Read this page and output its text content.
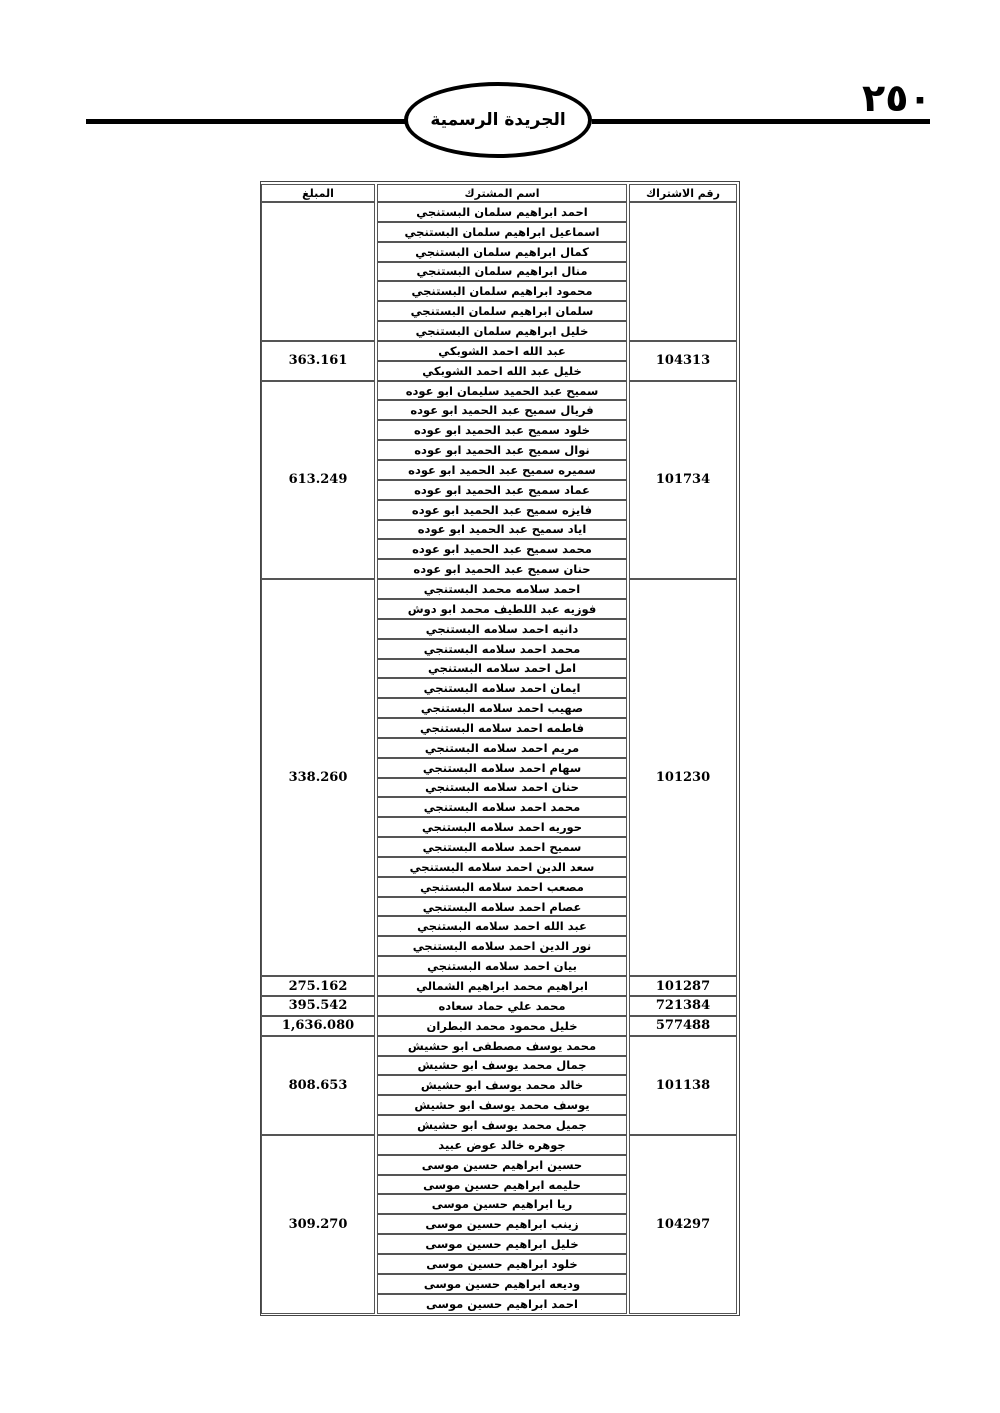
الجريدة الرسمية	٢٥٠
رقم الاشتراك
اسم المشترك
المبلغ
احمد ابراهيم سلمان البستنجي
اسماعيل ابراهيم سلمان البستنجي
كمال ابراهيم سلمان البستنجي
منال ابراهيم سلمان البستنجي
محمود ابراهيم سلمان البستنجي
سلمان ابراهيم سلمان البستنجي
خليل ابراهيم سلمان البستنجي
104313
عبد الله احمد الشوبكي
خليل عبد الله احمد الشوبكي
363.161
101734
سميح عبد الحميد سليمان ابو عوده
فريال سميح عبد الحميد ابو عوده
خلود سميح عبد الحميد ابو عوده
نوال سميح عبد الحميد ابو عوده
سميره سميح عبد الحميد ابو عوده
عماد سميح عبد الحميد ابو عوده
فايزه سميح عبد الحميد ابو عوده
اياد سميح عبد الحميد ابو عوده
محمد سميح عبد الحميد ابو عوده
حنان سميح عبد الحميد ابو عوده
613.249
101230
احمد سلامه محمد البستنجي
فوزيه عبد اللطيف محمد ابو دوش
دانيه احمد سلامه البستنجي
محمد احمد سلامه البستنجي
امل احمد سلامه البستنجي
ايمان احمد سلامه البستنجي
صهيب احمد سلامه البستنجي
فاطمه احمد سلامه البستنجي
مريم احمد سلامه البستنجي
سهام احمد سلامه البستنجي
حنان احمد سلامه البستنجي
محمد احمد سلامه البستنجي
حوريه احمد سلامه البستنجي
سميح احمد سلامه البستنجي
سعد الدين احمد سلامه البستنجي
مصعب احمد سلامه البستنجي
عصام احمد سلامه البستنجي
عبد الله احمد سلامه البستنجي
نور الدين احمد سلامه البستنجي
بيان احمد سلامه البستنجي
338.260
101287
ابراهيم محمد ابراهيم الشمالي
275.162
721384
محمد علي حماد سعاده
395.542
577488
خليل محمود محمد البطران
1,636.080
101138
محمد يوسف مصطفى ابو حشيش
جمال محمد يوسف ابو حشيش
خالد محمد يوسف ابو حشيش
يوسف محمد يوسف ابو حشيش
جميل محمد يوسف ابو حشيش
808.653
104297
جوهره خالد عوض عبيد
حسين ابراهيم حسين موسى
حليمه ابراهيم حسين موسى
ريا ابراهيم حسين موسى
زينب ابراهيم حسين موسى
خليل ابراهيم حسين موسى
خلود ابراهيم حسين موسى
وديعه ابراهيم حسين موسى
احمد ابراهيم حسين موسى
309.270
